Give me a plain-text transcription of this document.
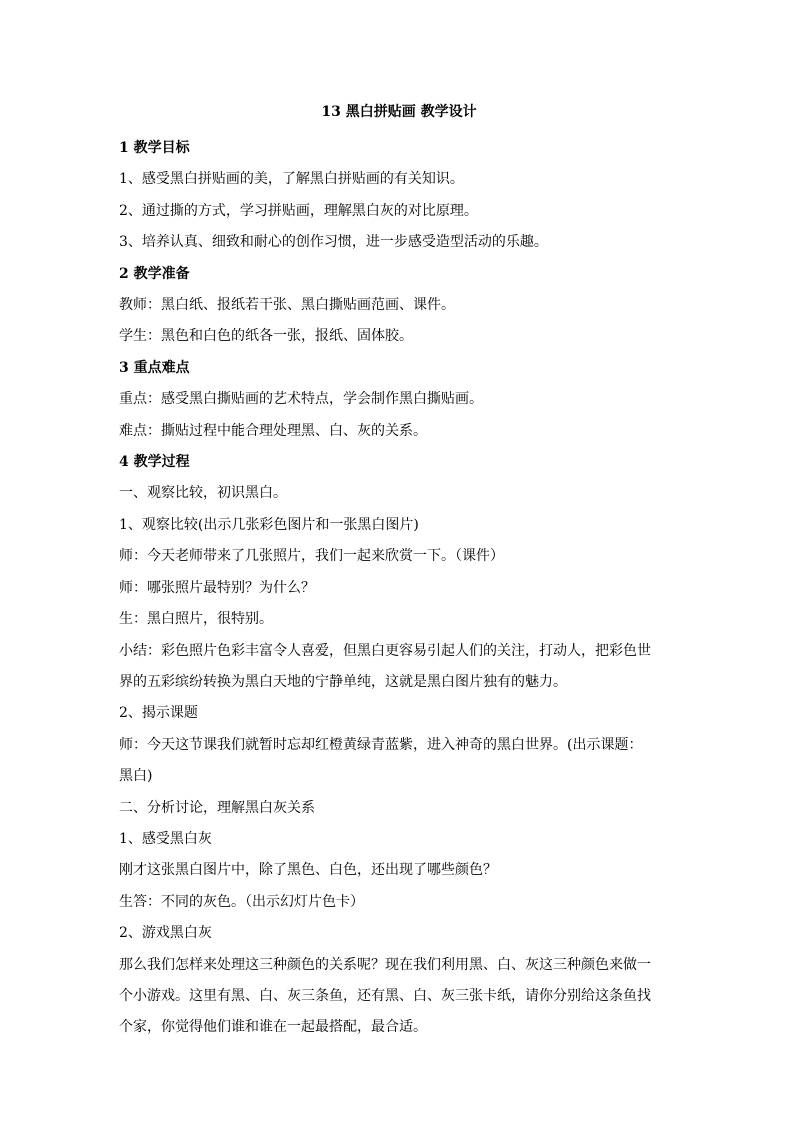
13 黑白拼贴画 教学设计

1 教学目标

1、感受黑白拼贴画的美，了解黑白拼贴画的有关知识。

2、通过撕的方式，学习拼贴画，理解黑白灰的对比原理。

3、培养认真、细致和耐心的创作习惯，进一步感受造型活动的乐趣。

2 教学准备

教师：黑白纸、报纸若干张、黑白撕贴画范画、课件。

学生：黑色和白色的纸各一张，报纸、固体胶。

3 重点难点

重点：感受黑白撕贴画的艺术特点，学会制作黑白撕贴画。

难点：撕贴过程中能合理处理黑、白、灰的关系。

4 教学过程

一、观察比较，初识黑白。

1、观察比较(出示几张彩色图片和一张黑白图片)

师：今天老师带来了几张照片，我们一起来欣赏一下。（课件）

师：哪张照片最特别？为什么？

生：黑白照片，很特别。

小结：彩色照片色彩丰富令人喜爱，但黑白更容易引起人们的关注，打动人，把彩色世

界的五彩缤纷转换为黑白天地的宁静单纯，这就是黑白图片独有的魅力。

2、揭示课题

师：今天这节课我们就暂时忘却红橙黄绿青蓝紫，进入神奇的黑白世界。(出示课题：

黑白)

二、分析讨论，理解黑白灰关系

1、感受黑白灰

刚才这张黑白图片中，除了黑色、白色，还出现了哪些颜色？

生答：不同的灰色。（出示幻灯片色卡）

2、游戏黑白灰

那么我们怎样来处理这三种颜色的关系呢？现在我们利用黑、白、灰这三种颜色来做一

个小游戏。这里有黑、白、灰三条鱼，还有黑、白、灰三张卡纸，请你分别给这条鱼找

个家，你觉得他们谁和谁在一起最搭配，最合适。
